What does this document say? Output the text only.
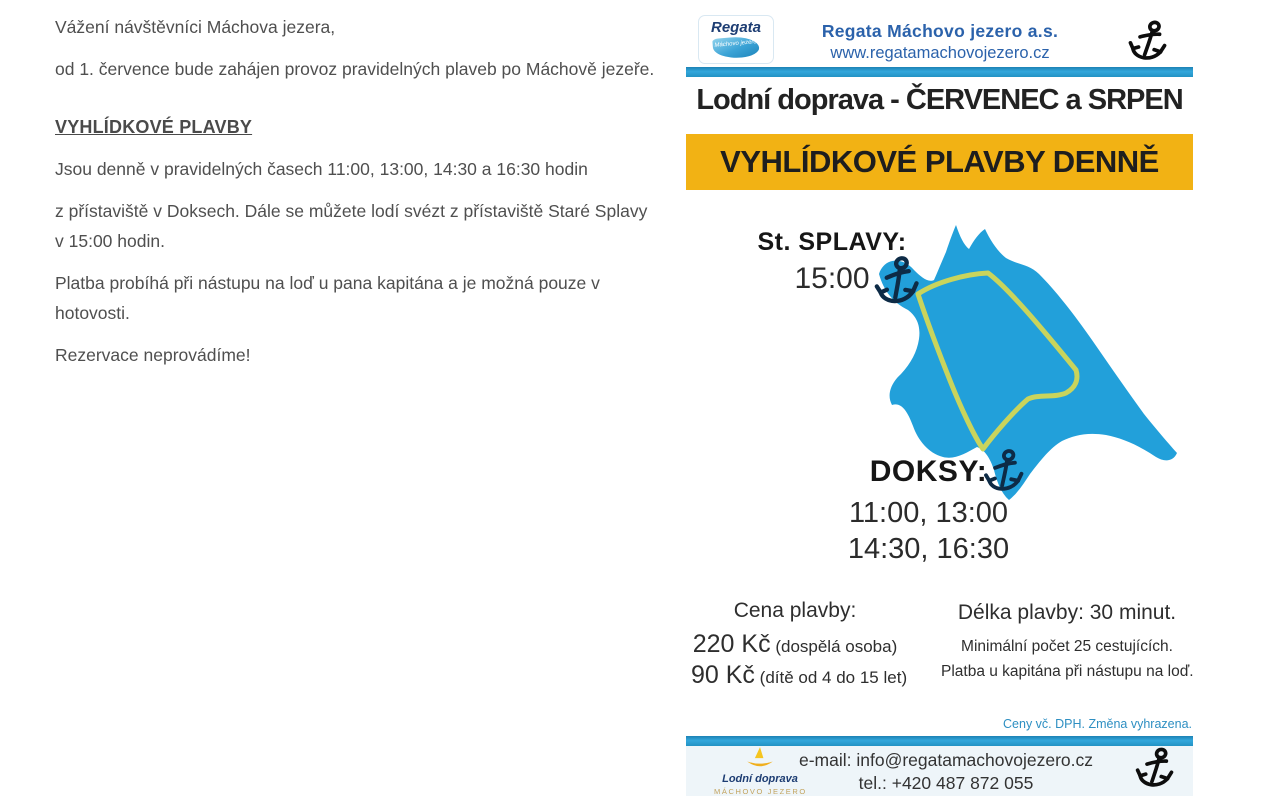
Vážení návštěvníci Máchova jezera,

od 1. července bude zahájen provoz pravidelných plaveb po Máchově jezeře.

VYHLÍDKOVÉ PLAVBY

Jsou denně v pravidelných časech 11:00, 13:00, 14:30 a 16:30 hodin

z přístaviště v Doksech. Dále se můžete lodí svézt z přístaviště Staré Splavy v 15:00 hodin.

Platba probíhá při nástupu na loď u pana kapitána a je možná pouze v hotovosti.

Rezervace neprovádíme!

Regata
Máchovo jezero
Regata Máchovo jezero a.s.
www.regatamachovojezero.cz
Lodní doprava - ČERVENEC a SRPEN
VYHLÍDKOVÉ PLAVBY DENNĚ
St. SPLAVY:
15:00
DOKSY:
11:00, 13:00
14:30, 16:30
Cena plavby:
220 Kč (dospělá osoba)
90 Kč (dítě od 4 do 15 let)
Délka plavby: 30 minut.
Minimální počet 25 cestujících.
Platba u kapitána při nástupu na loď.
Ceny vč. DPH. Změna vyhrazena.
Lodní doprava
MÁCHOVO JEZERO
e-mail: info@regatamachovojezero.cz
tel.: +420 487 872 055
